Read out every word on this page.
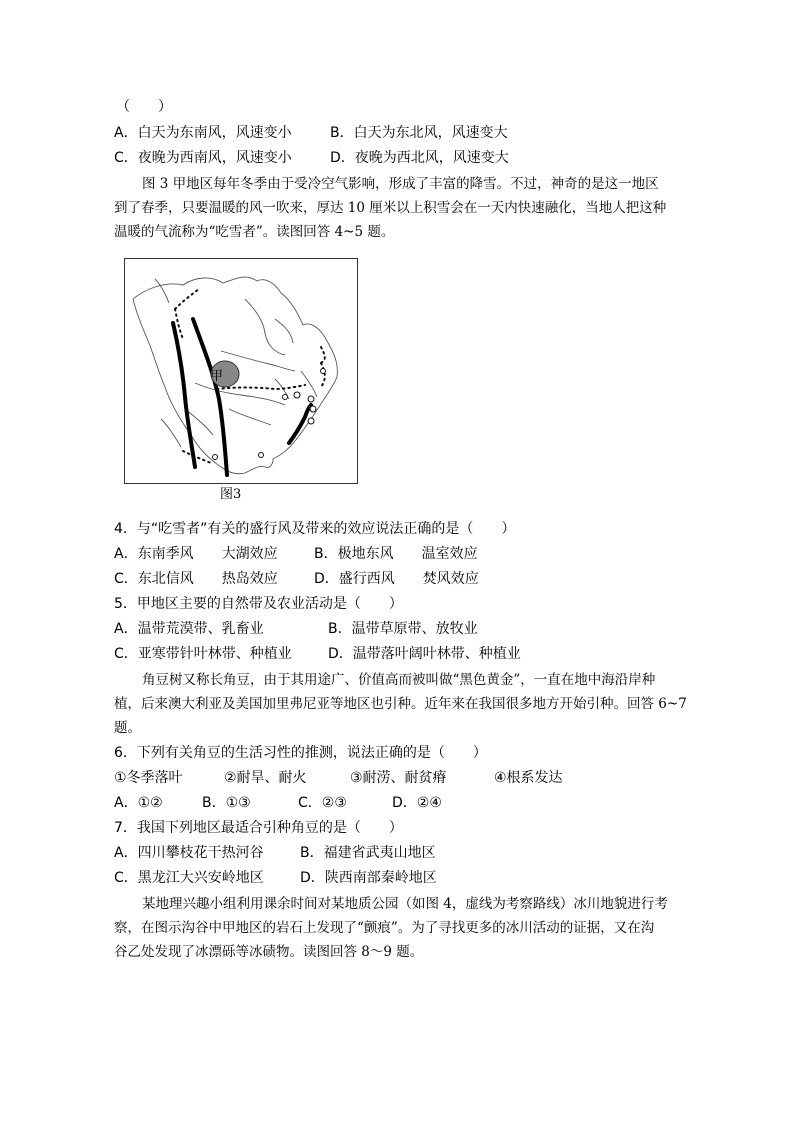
（　　）
A．白天为东南风，风速变小	B．白天为东北风，风速变大
C．夜晚为西南风，风速变小	D．夜晚为西北风，风速变大
图 3 甲地区每年冬季由于受冷空气影响，形成了丰富的降雪。不过，神奇的是这一地区
到了春季，只要温暖的风一吹来，厚达 10 厘米以上积雪会在一天内快速融化，当地人把这种
温暖的气流称为“吃雪者”。读图回答 4~5 题。
甲
图3
4．与“吃雪者”有关的盛行风及带来的效应说法正确的是（　　）
A．东南季风　　大湖效应	B．极地东风　　温室效应
C．东北信风　　热岛效应	D．盛行西风　　焚风效应
5．甲地区主要的自然带及农业活动是（　　）
A．温带荒漠带、乳畜业	B．温带草原带、放牧业
C．亚寒带针叶林带、种植业	D．温带落叶阔叶林带、种植业
角豆树又称长角豆，由于其用途广、价值高而被叫做“黑色黄金”，一直在地中海沿岸种
植，后来澳大利亚及美国加里弗尼亚等地区也引种。近年来在我国很多地方开始引种。回答 6~7
题。
6．下列有关角豆的生活习性的推测，说法正确的是（　　）
①冬季落叶	②耐旱、耐火	③耐涝、耐贫瘠	④根系发达
A．①②	B．①③	C．②③	D．②④
7．我国下列地区最适合引种角豆的是（　　）
A．四川攀枝花干热河谷	B．福建省武夷山地区
C．黑龙江大兴安岭地区	D．陕西南部秦岭地区
某地理兴趣小组利用课余时间对某地质公园（如图 4，虚线为考察路线）冰川地貌进行考
察，在图示沟谷中甲地区的岩石上发现了“颤痕”。为了寻找更多的冰川活动的证据，又在沟
谷乙处发现了冰漂砾等冰碛物。读图回答 8～9 题。
